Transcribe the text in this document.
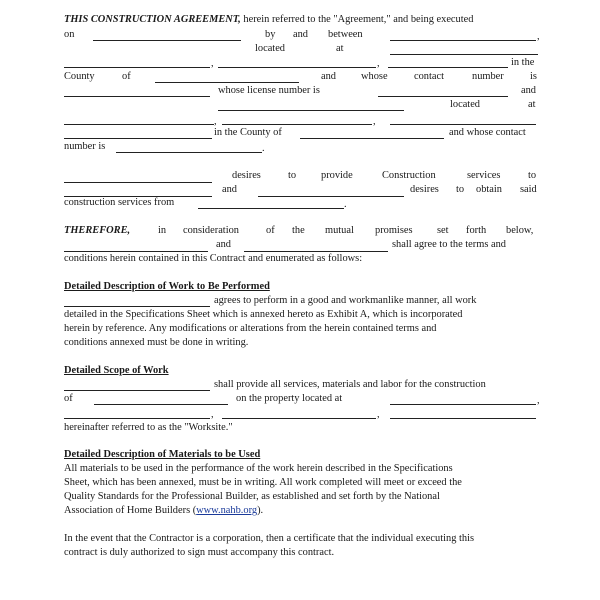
THIS CONSTRUCTION AGREEMENT, herein referred to the "Agreement," and being executed
on	by and between	,
located	at
,	,	in the
County	of	and whose	contact	number	is
whose license number is	and
located	at
,	,
in the County of	and whose contact
number is	.
desires	to provide	Construction	services	to
and	desires to obtain said
construction services from	.
THEREFORE,	in consideration	of the mutual promises set forth below,
and	shall agree to the terms and
conditions herein contained in this Contract and enumerated as follows:
Detailed Description of Work to Be Performed
agrees to perform in a good and workmanlike manner, all work
detailed in the Specifications Sheet which is annexed hereto as Exhibit A, which is incorporated
herein by reference. Any modifications or alterations from the herein contained terms and
conditions annexed must be done in writing.
Detailed Scope of Work
shall provide all services, materials and labor for the construction
of	on the property located at	,
,	,
hereinafter referred to as the "Worksite."
Detailed Description of Materials to be Used
All materials to be used in the performance of the work herein described in the Specifications
Sheet, which has been annexed, must be in writing. All work completed will meet or exceed the
Quality Standards for the Professional Builder, as established and set forth by the National
Association of Home Builders (www.nahb.org).
In the event that the Contractor is a corporation, then a certificate that the individual executing this
contract is duly authorized to sign must accompany this contract.
